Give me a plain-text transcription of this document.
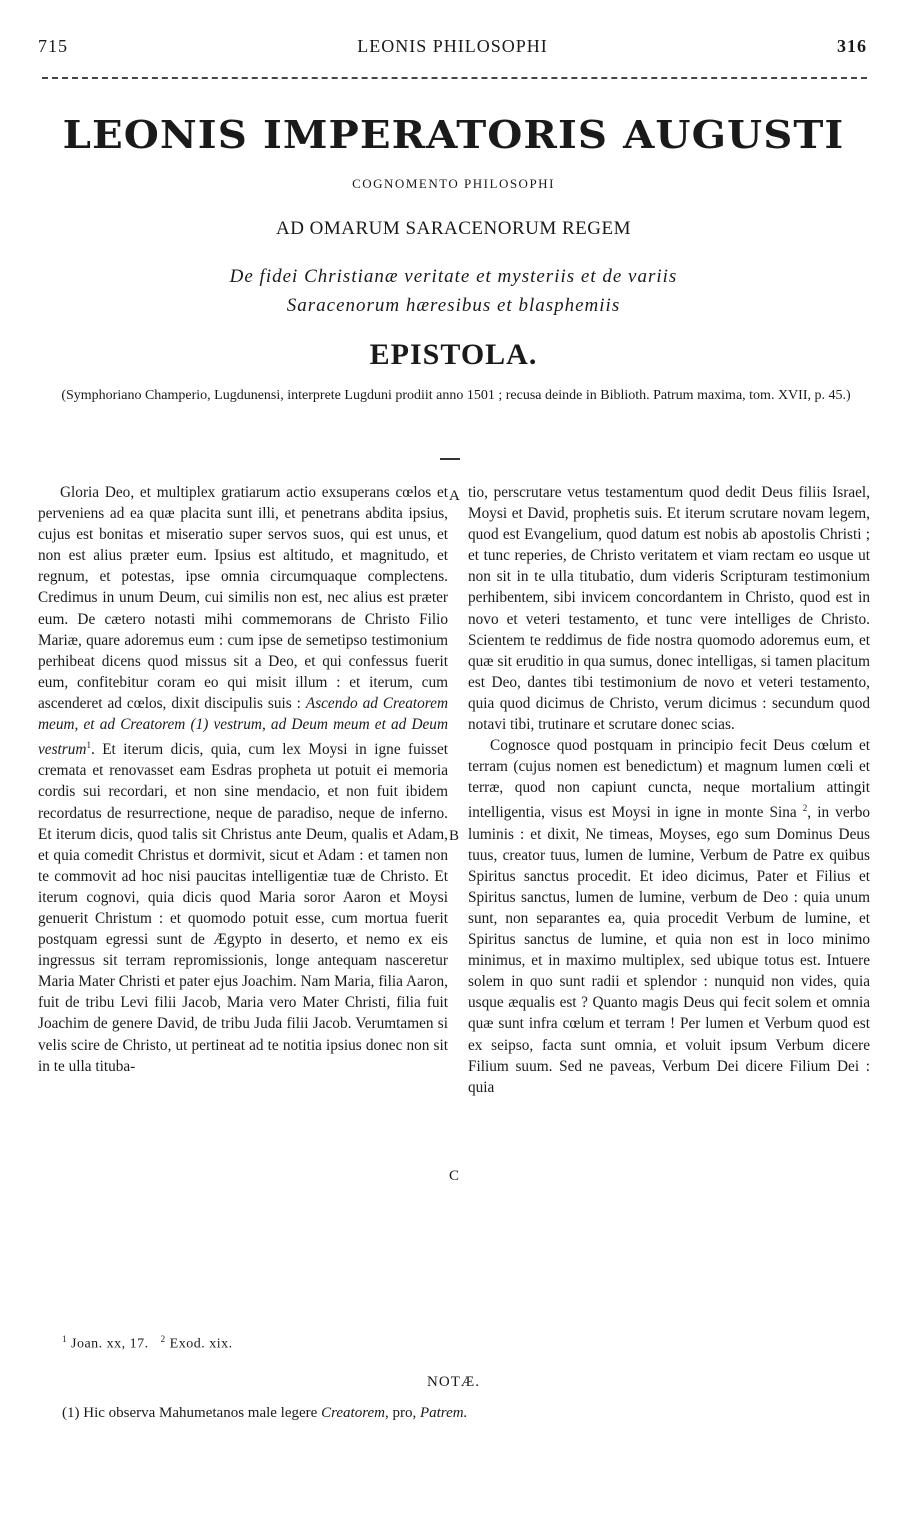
715	LEONIS PHILOSOPHI	316
LEONIS IMPERATORIS AUGUSTI
COGNOMENTO PHILOSOPHI
AD OMARUM SARACENORUM REGEM
De fidei Christianæ veritate et mysteriis et de variis
Saracenorum hæresibus et blasphemiis
EPISTOLA.
(Symphoriano Champerio, Lugdunensi, interprete Lugduni prodiit anno 1501 ; recusa deinde in Biblioth. Patrum maxima, tom. XVII, p. 45.)

Gloria Deo, et multiplex gratiarum actio exsuperans cœlos et perveniens ad ea quæ placita sunt illi, et penetrans abdita ipsius, cujus est bonitas et miseratio super servos suos, qui est unus, et non est alius præter eum. Ipsius est altitudo, et magnitudo, et regnum, et potestas, ipse omnia circumquaque complectens. Credimus in unum Deum, cui similis non est, nec alius est præter eum. De cætero notasti mihi commemorans de Christo Filio Mariæ, quare adoremus eum : cum ipse de semetipso testimonium perhibeat dicens quod missus sit a Deo, et qui confessus fuerit eum, confitebitur coram eo qui misit illum : et iterum, cum ascenderet ad cœlos, dixit discipulis suis : Ascendo ad Creatorem meum, et ad Creatorem (1) vestrum, ad Deum meum et ad Deum vestrum$^1$. Et iterum dicis, quia, cum lex Moysi in igne fuisset cremata et renovasset eam Esdras propheta ut potuit ei memoria cordis sui recordari, et non sine mendacio, et non fuit ibidem recordatus de resurrectione, neque de paradiso, neque de inferno. Et iterum dicis, quod talis sit Christus ante Deum, qualis et Adam, et quia comedit Christus et dormivit, sicut et Adam : et tamen non te commovit ad hoc nisi paucitas intelligentiæ tuæ de Christo. Et iterum cognovi, quia dicis quod Maria soror Aaron et Moysi genuerit Christum : et quomodo potuit esse, cum mortua fuerit postquam egressi sunt de Ægypto in deserto, et nemo ex eis ingressus sit terram repromissionis, longe antequam nasceretur Maria Mater Christi et pater ejus Joachim. Nam Maria, filia Aaron, fuit de tribu Levi filii Jacob, Maria vero Mater Christi, filia fuit Joachim de genere David, de tribu Juda filii Jacob. Verumtamen si velis scire de Christo, ut pertineat ad te notitia ipsius donec non sit in te ulla tituba-

A
B
C

tio, perscrutare vetus testamentum quod dedit Deus filiis Israel, Moysi et David, prophetis suis. Et iterum scrutare novam legem, quod est Evangelium, quod datum est nobis ab apostolis Christi ; et tunc reperies, de Christo veritatem et viam rectam eo usque ut non sit in te ulla titubatio, dum videris Scripturam testimonium perhibentem, sibi invicem concordantem in Christo, quod est in novo et veteri testamento, et tunc vere intelliges de Christo. Scientem te reddimus de fide nostra quomodo adoremus eum, et quæ sit eruditio in qua sumus, donec intelligas, si tamen placitum est Deo, dantes tibi testimonium de novo et veteri testamento, quia quod dicimus de Christo, verum dicimus : secundum quod notavi tibi, trutinare et scrutare donec scias.

Cognosce quod postquam in principio fecit Deus cœlum et terram (cujus nomen est benedictum) et magnum lumen cœli et terræ, quod non capiunt cuncta, neque mortalium attingit intelligentia, visus est Moysi in igne in monte Sina $^2$, in verbo luminis : et dixit, Ne timeas, Moyses, ego sum Dominus Deus tuus, creator tuus, lumen de lumine, Verbum de Patre ex quibus Spiritus sanctus procedit. Et ideo dicimus, Pater et Filius et Spiritus sanctus, lumen de lumine, verbum de Deo : quia unum sunt, non separantes ea, quia procedit Verbum de lumine, et Spiritus sanctus de lumine, et quia non est in loco minimo minimus, et in maximo multiplex, sed ubique totus est. Intuere solem in quo sunt radii et splendor : nunquid non vides, quia usque æqualis est ? Quanto magis Deus qui fecit solem et omnia quæ sunt infra cœlum et terram ! Per lumen et Verbum quod est ex seipso, facta sunt omnia, et voluit ipsum Verbum dicere Filium suum. Sed ne paveas, Verbum Dei dicere Filium Dei : quia

$^1$ Joan. xx, 17. $^2$ Exod. xix.
NOTÆ.
(1) Hic observa Mahumetanos male legere Creatorem, pro, Patrem.
